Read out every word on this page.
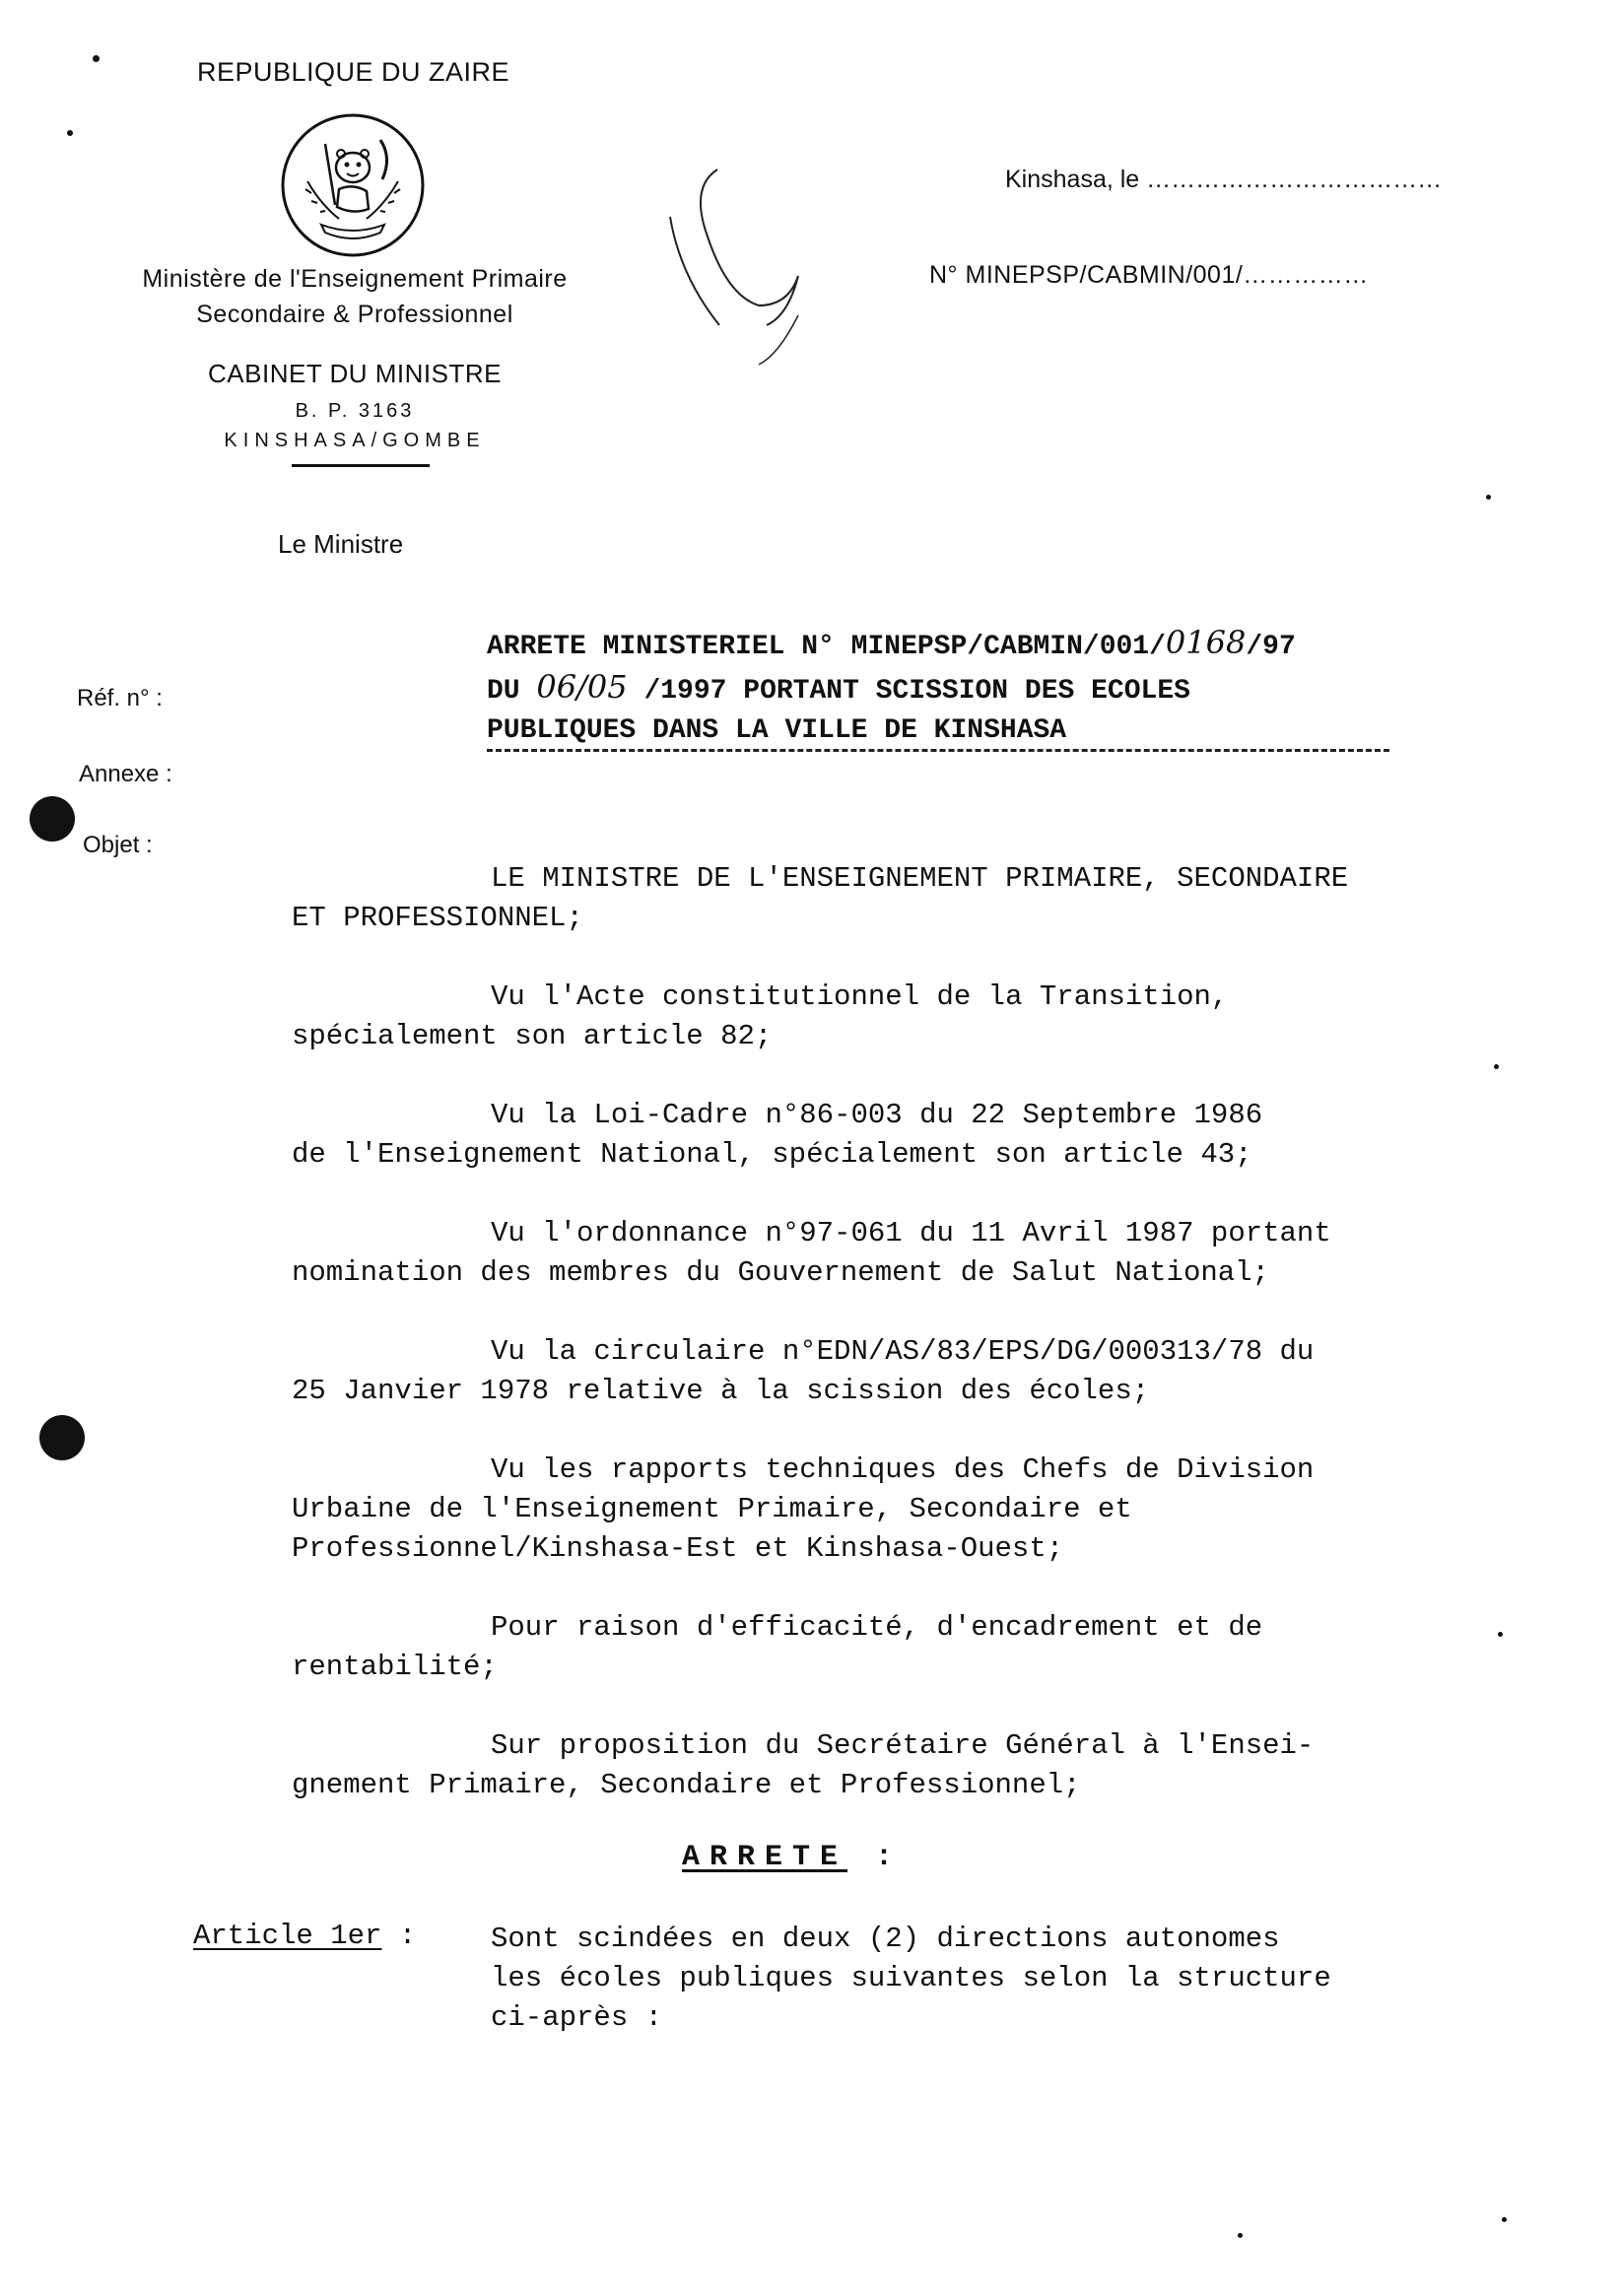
REPUBLIQUE DU ZAIRE
Ministère de l'Enseignement Primaire
Secondaire & Professionnel
CABINET DU MINISTRE
B. P. 3163
KINSHASA/GOMBE
Le Ministre
Kinshasa, le ………………………………
N° MINEPSP/CABMIN/001/……………
Réf. n° :
Annexe :
Objet :
ARRETE MINISTERIEL N° MINEPSP/CABMIN/001/0168/97
DU 06/05 /1997 PORTANT SCISSION DES ECOLES
PUBLIQUES DANS LA VILLE DE KINSHASA
LE MINISTRE DE L'ENSEIGNEMENT PRIMAIRE, SECONDAIRE
ET PROFESSIONNEL;
Vu l'Acte constitutionnel de la Transition,
spécialement son article 82;
Vu la Loi-Cadre n°86-003 du 22 Septembre 1986
de l'Enseignement National, spécialement son article 43;
Vu l'ordonnance n°97-061 du 11 Avril 1987 portant
nomination des membres du Gouvernement de Salut National;
Vu la circulaire n°EDN/AS/83/EPS/DG/000313/78 du
25 Janvier 1978 relative à la scission des écoles;
Vu les rapports techniques des Chefs de Division
Urbaine de l'Enseignement Primaire, Secondaire et
Professionnel/Kinshasa-Est et Kinshasa-Ouest;
Pour raison d'efficacité, d'encadrement et de
rentabilité;
Sur proposition du Secrétaire Général à l'Ensei-
gnement Primaire, Secondaire et Professionnel;
ARRETE :
Article 1er :	Sont scindées en deux (2) directions autonomes
les écoles publiques suivantes selon la structure
ci-après :
